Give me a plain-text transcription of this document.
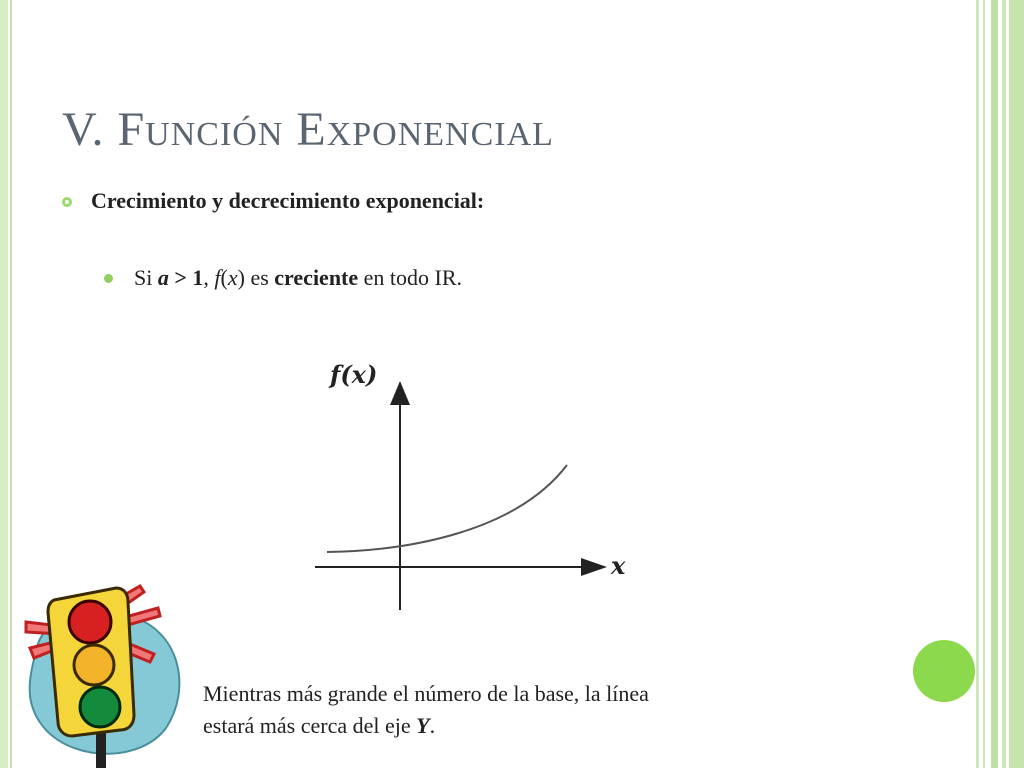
V. Función Exponencial
Crecimiento y decrecimiento exponencial:
Si a > 1, f(x) es creciente en todo IR.
f(x)
x
Mientras más grande el número de la base, la línea
estará más cerca del eje Y.
